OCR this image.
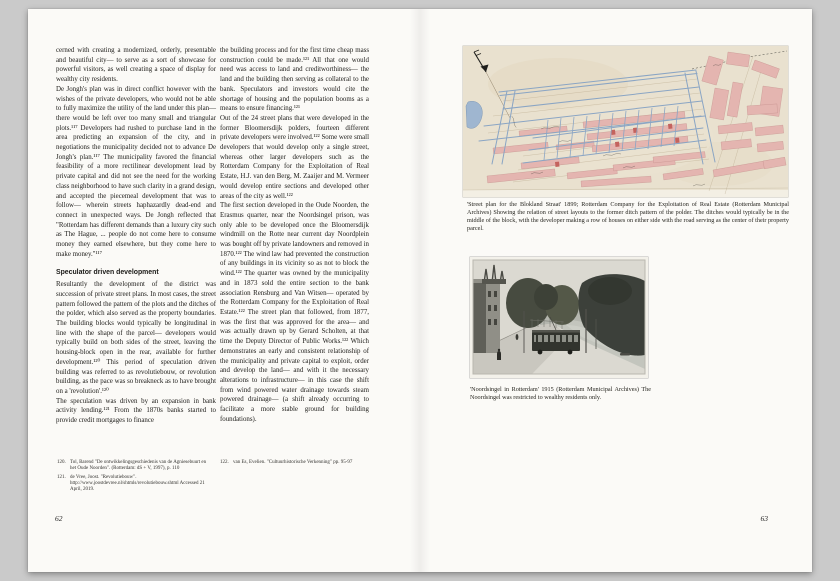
cerned with creating a modernized, orderly, presentable and beautiful city— to serve as a sort of showcase for powerful visitors, as well creating a space of display for wealthy city residents.

De Jongh's plan was in direct conflict however with the wishes of the private developers, who would not be able to fully maximize the utility of the land under this plan— there would be left over too many small and triangular plots.¹¹⁷ Developers had rushed to purchase land in the area predicting an expansion of the city, and in negotiations the municipality decided not to advance De Jongh's plan.¹¹⁷ The municipality favored the financial feasibility of a more rectilinear development lead by private capital and did not see the need for the working class neighborhood to have such clarity in a grand design, and accepted the piecemeal development that was to follow— wherein streets haphazardly dead-end and connect in unexpected ways. De Jongh reflected that "Rotterdam has different demands than a luxury city such as The Hague, ... people do not come here to consume money they earned elsewhere, but they come here to make money."¹¹⁷

Speculator driven development

Resultantly the development of the district was succession of private street plans. In most cases, the street pattern followed the pattern of the plots and the ditches of the polder, which also served as the property boundaries. The building blocks would typically be longitudinal in line with the shape of the parcel— developers would typically build on both sides of the street, leaving the housing-block open in the rear, available for further development.¹²⁰ This period of speculation driven building was referred to as revolutiebouw, or revolution building, as the pace was so breakneck as to have brought on a 'revolution'.¹²⁰

The speculation was driven by an expansion in bank activity lending.¹²¹ From the 1870s banks started to provide credit mortgages to finance

the building process and for the first time cheap mass construction could be made.¹²¹ All that one would need was access to land and creditworthiness— the land and the building then serving as collateral to the bank. Speculators and investors would cite the shortage of housing and the population booms as a means to ensure financing.¹²¹

Out of the 24 street plans that were developed in the former Bloomersdijk polders, fourteen different private developers were involved.¹²² Some were small developers that would develop only a single street, whereas other larger developers such as the Rotterdam Company for the Exploitation of Real Estate, H.J. van den Berg, M. Zaaijer and M. Vermeer would develop entire sections and developed other areas of the city as well.¹²²

The first section developed in the Oude Noorden, the Erasmus quarter, near the Noordsingel prison, was only able to be developed once the Bloomersdijk windmill on the Rotte near current day Noordplein was bought off by private landowners and removed in 1870.¹²² The wind law had prevented the construction of any buildings in its vicinity so as not to block the wind.¹²² The quarter was owned by the municipality and in 1873 sold the entire section to the bank association Rensburg and Van Witsen— operated by the Rotterdam Company for the Exploitation of Real Estate.¹²² The street plan that followed, from 1877, was the first that was approved for the area— and was actually drawn up by Gerard Scholten, at that time the Deputy Director of Public Works.¹²² Which demonstrates an early and consistent relationship of the municipality and private capital to exploit, order and develop the land— and with it the necessary alterations to infrastructure— in this case the shift from wind powered water drainage towards steam powered drainage— (a shift already occurring to facilitate a more stable ground for building foundations).

120. Tol, Barend "De ontwikkelingsgeschiedenis van de Agniesebuurt en het Oude Noorden". (Rotterdam: dS + V, 1997), p. 110
121. de Vree, Joost. "Revolutiebouw". http://www.joostdevree.nl/shtmls/revolutiebouw.shtml Accessed 21 April, 2019.
122. van Es, Evelien. "Cultuurhistorische Verkenning" pp. 95-97
62
'Street plan for the Blokland Straat' 1899; Rotterdam Company for the Exploitation of Real Estate (Rotterdam Municipal Archives) Showing the relation of street layouts to the former ditch pattern of the polder. The ditches would typically be in the middle of the block, with the developer making a row of houses on either side with the road serving as the center of their property parcel.
'Noordsingel in Rotterdam' 1915 (Rotterdam Municipal Archives) The Noordsingel was restricted to wealthy residents only.
63
